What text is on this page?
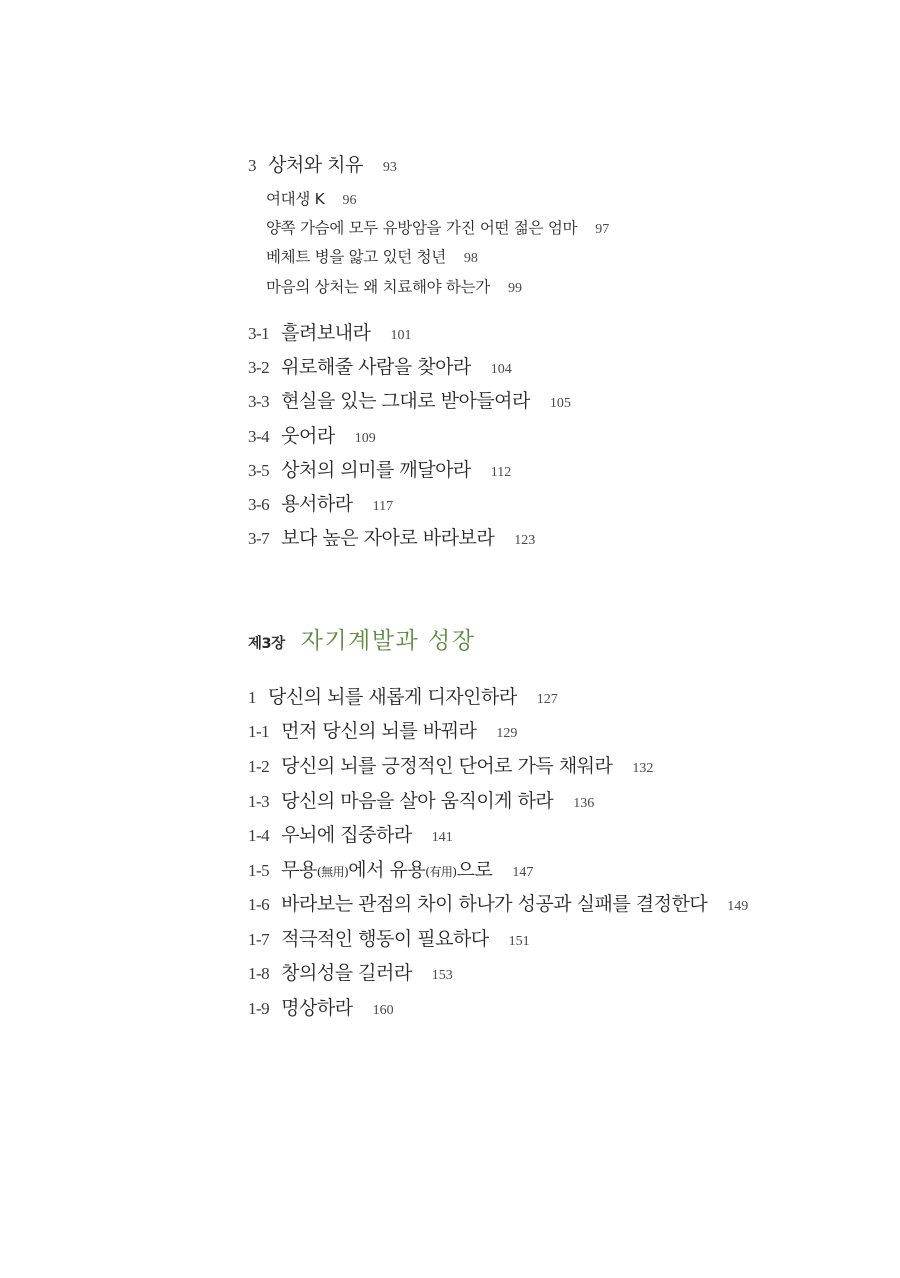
3 상처와 치유 93
여대생 K 96
양쪽 가슴에 모두 유방암을 가진 어떤 젊은 엄마 97
베체트 병을 앓고 있던 청년 98
마음의 상처는 왜 치료해야 하는가 99
3-1 흘려보내라 101
3-2 위로해줄 사람을 찾아라 104
3-3 현실을 있는 그대로 받아들여라 105
3-4 웃어라 109
3-5 상처의 의미를 깨달아라 112
3-6 용서하라 117
3-7 보다 높은 자아로 바라보라 123
제3장 자기계발과 성장
1 당신의 뇌를 새롭게 디자인하라 127
1-1 먼저 당신의 뇌를 바꿔라 129
1-2 당신의 뇌를 긍정적인 단어로 가득 채워라 132
1-3 당신의 마음을 살아 움직이게 하라 136
1-4 우뇌에 집중하라 141
1-5 무용(無用)에서 유용(有用)으로 147
1-6 바라보는 관점의 차이 하나가 성공과 실패를 결정한다 149
1-7 적극적인 행동이 필요하다 151
1-8 창의성을 길러라 153
1-9 명상하라 160
